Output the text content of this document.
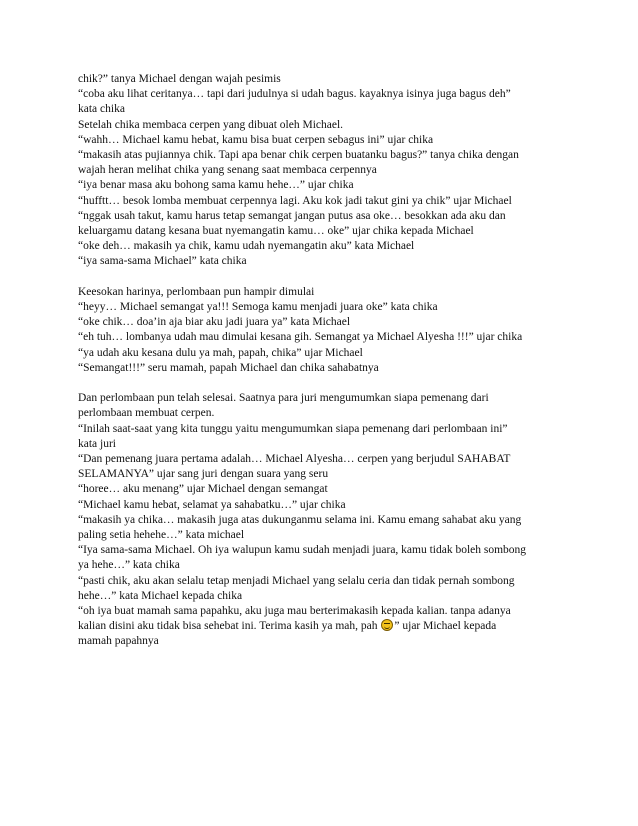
chik?” tanya Michael dengan wajah pesimis
“coba aku lihat ceritanya… tapi dari judulnya si udah bagus. kayaknya isinya juga bagus deh”
kata chika
Setelah chika membaca cerpen yang dibuat oleh Michael.
“wahh… Michael kamu hebat, kamu bisa buat cerpen sebagus ini” ujar chika
“makasih atas pujiannya chik. Tapi apa benar chik cerpen buatanku bagus?” tanya chika dengan
wajah heran melihat chika yang senang saat membaca cerpennya
“iya benar masa aku bohong sama kamu hehe…” ujar chika
“hufftt… besok lomba membuat cerpennya lagi. Aku kok jadi takut gini ya chik” ujar Michael
“nggak usah takut, kamu harus tetap semangat jangan putus asa oke… besokkan ada aku dan
keluargamu datang kesana buat nyemangatin kamu… oke” ujar chika kepada Michael
“oke deh… makasih ya chik, kamu udah nyemangatin aku” kata Michael
“iya sama-sama Michael” kata chika
Keesokan harinya, perlombaan pun hampir dimulai
“heyy… Michael semangat ya!!! Semoga kamu menjadi juara oke” kata chika
“oke chik… doa’in aja biar aku jadi juara ya” kata Michael
“eh tuh… lombanya udah mau dimulai kesana gih. Semangat ya Michael Alyesha !!!” ujar chika
“ya udah aku kesana dulu ya mah, papah, chika” ujar Michael
“Semangat!!!” seru mamah, papah Michael dan chika sahabatnya
Dan perlombaan pun telah selesai. Saatnya para juri mengumumkan siapa pemenang dari
perlombaan membuat cerpen.
“Inilah saat-saat yang kita tunggu yaitu mengumumkan siapa pemenang dari perlombaan ini”
kata juri
“Dan pemenang juara pertama adalah… Michael Alyesha… cerpen yang berjudul SAHABAT
SELAMANYA” ujar sang juri dengan suara yang seru
“horee… aku menang” ujar Michael dengan semangat
“Michael kamu hebat, selamat ya sahabatku…” ujar chika
“makasih ya chika… makasih juga atas dukunganmu selama ini. Kamu emang sahabat aku yang
paling setia hehehe…” kata michael
“Iya sama-sama Michael. Oh iya walupun kamu sudah menjadi juara, kamu tidak boleh sombong
ya hehe…” kata chika
“pasti chik, aku akan selalu tetap menjadi Michael yang selalu ceria dan tidak pernah sombong
hehe…” kata Michael kepada chika
“oh iya buat mamah sama papahku, aku juga mau berterimakasih kepada kalian. tanpa adanya
kalian disini aku tidak bisa sehebat ini. Terima kasih ya mah, pah ” ujar Michael kepada
mamah papahnya
